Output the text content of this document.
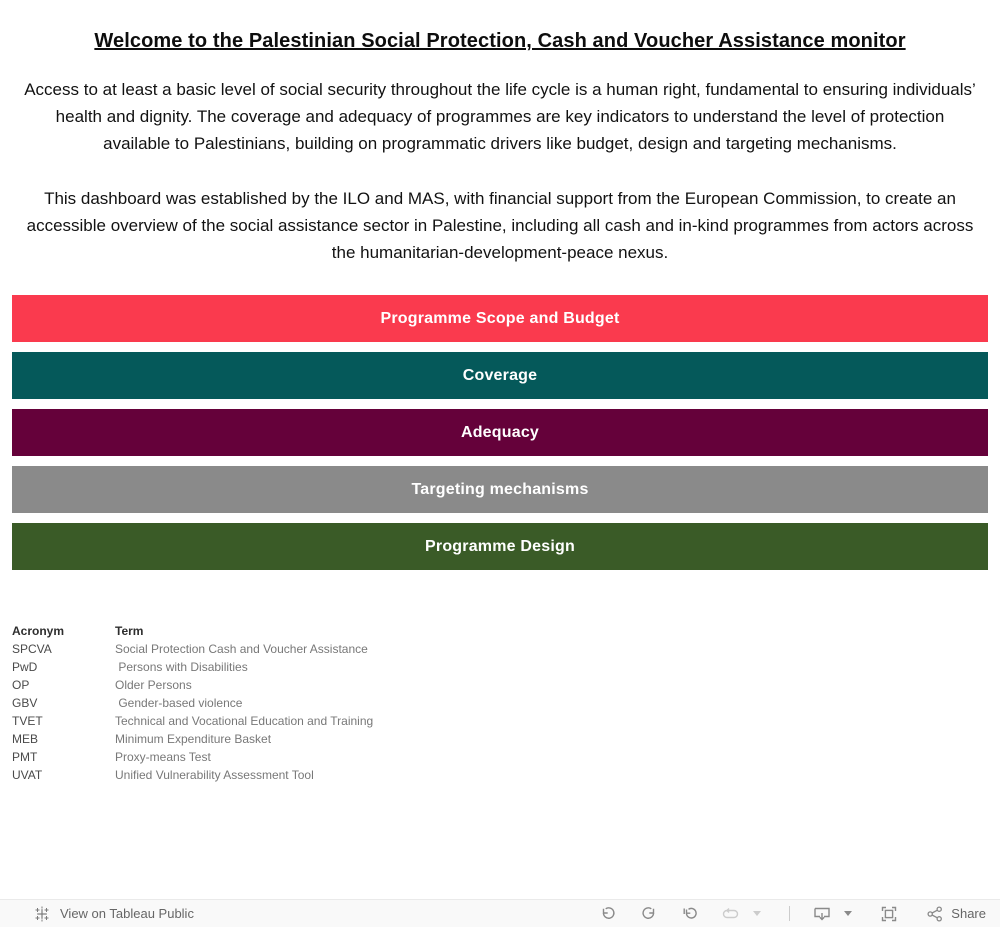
Welcome to the Palestinian Social Protection, Cash and Voucher Assistance monitor

Access to at least a basic level of social security throughout the life cycle is a human right, fundamental to ensuring individuals’ health and dignity. The coverage and adequacy of programmes are key indicators to understand the level of protection available to Palestinians, building on programmatic drivers like budget, design and targeting mechanisms.

This dashboard was established by the ILO and MAS, with financial support from the European Commission, to create an accessible overview of the social assistance sector in Palestine, including all cash and in-kind programmes from actors across the humanitarian-development-peace nexus.

Programme Scope and Budget
Coverage
Adequacy
Targeting mechanisms
Programme Design
Acronym	Term
SPCVA	Social Protection Cash and Voucher Assistance
PwD	Persons with Disabilities
OP	Older Persons
GBV	Gender-based violence
TVET	Technical and Vocational Education and Training
MEB	Minimum Expenditure Basket
PMT	Proxy-means Test
UVAT	Unified Vulnerability Assessment Tool
View on Tableau Public	Share
